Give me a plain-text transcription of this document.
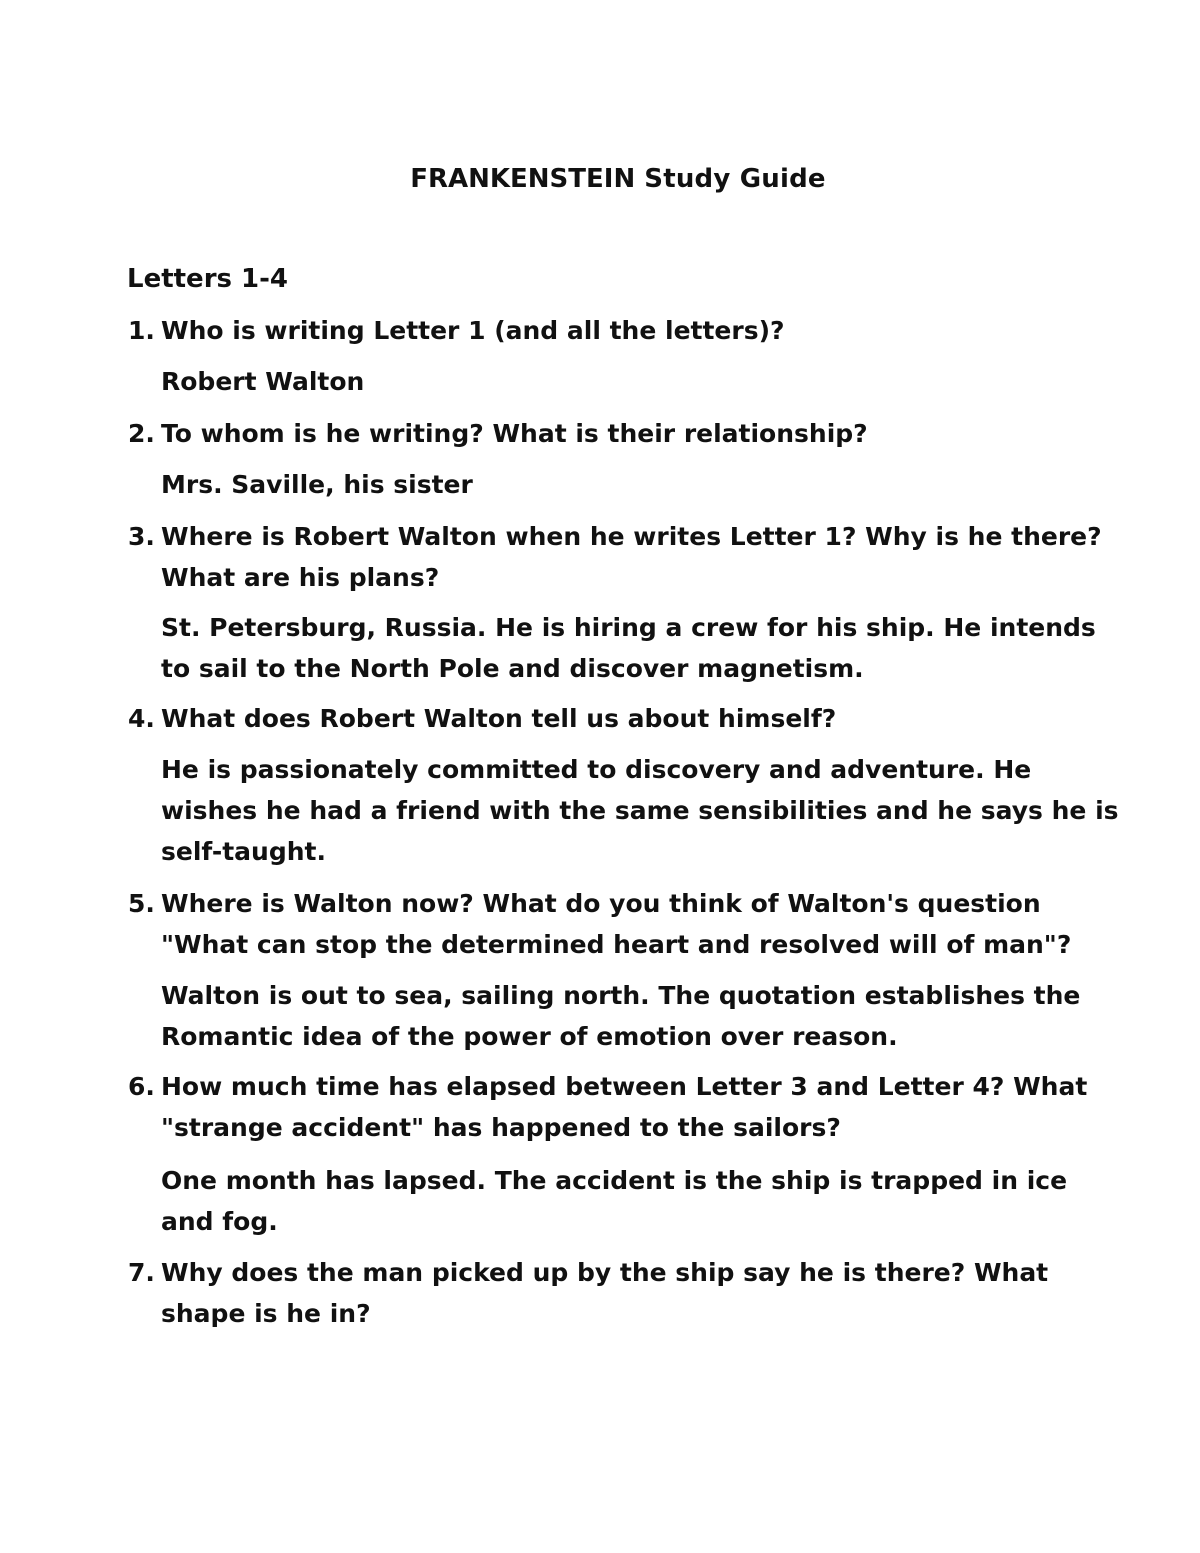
FRANKENSTEIN Study Guide
Letters 1-4
1. Who is writing Letter 1 (and all the letters)?
Robert Walton
2. To whom is he writing? What is their relationship?
Mrs. Saville, his sister
3. Where is Robert Walton when he writes Letter 1? Why is he there? What are his plans?
St. Petersburg, Russia. He is hiring a crew for his ship. He intends to sail to the North Pole and discover magnetism.
4. What does Robert Walton tell us about himself?
He is passionately committed to discovery and adventure. He wishes he had a friend with the same sensibilities and he says he is self-taught.
5. Where is Walton now? What do you think of Walton's question "What can stop the determined heart and resolved will of man"?
Walton is out to sea, sailing north. The quotation establishes the Romantic idea of the power of emotion over reason.
6. How much time has elapsed between Letter 3 and Letter 4? What "strange accident" has happened to the sailors?
One month has lapsed. The accident is the ship is trapped in ice and fog.
7. Why does the man picked up by the ship say he is there? What shape is he in?
